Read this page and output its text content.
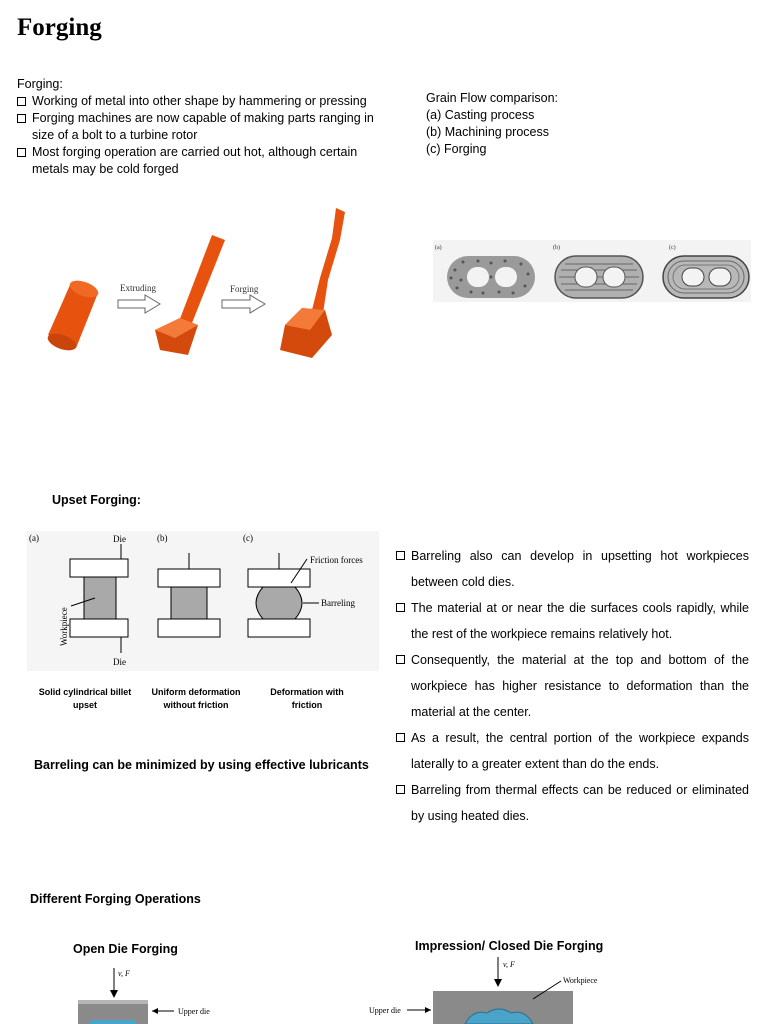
Forging
Forging:
Working of metal into other shape by hammering or pressing
Forging machines are now capable of making parts ranging in size of a bolt to a turbine rotor
Most forging operation are carried out hot, although certain metals may be cold forged
Grain Flow comparison:
(a) Casting process
(b) Machining process
(c) Forging
Extruding	Forging
(a)	(b)	(c)
Upset Forging:
(a)	(b)	(c)
Die
Die
Workpiece
Friction forces
Barreling
Solid cylindrical billet upset
Uniform deformation without friction
Deformation with friction
Barreling can be minimized by using effective lubricants
Barreling also can develop in upsetting hot workpieces between cold dies.
The material at or near the die surfaces cools rapidly, while the rest of the workpiece remains relatively hot.
Consequently, the material at the top and bottom of the workpiece has higher resistance to deformation than the material at the center.
As a result, the central portion of the workpiece expands laterally to a greater extent than do the ends.
Barreling from thermal effects can be reduced or eliminated by using heated dies.
Different Forging Operations
Open Die Forging	Impression/ Closed Die Forging
v, F
Upper die
v, F
Workpiece
Upper die
